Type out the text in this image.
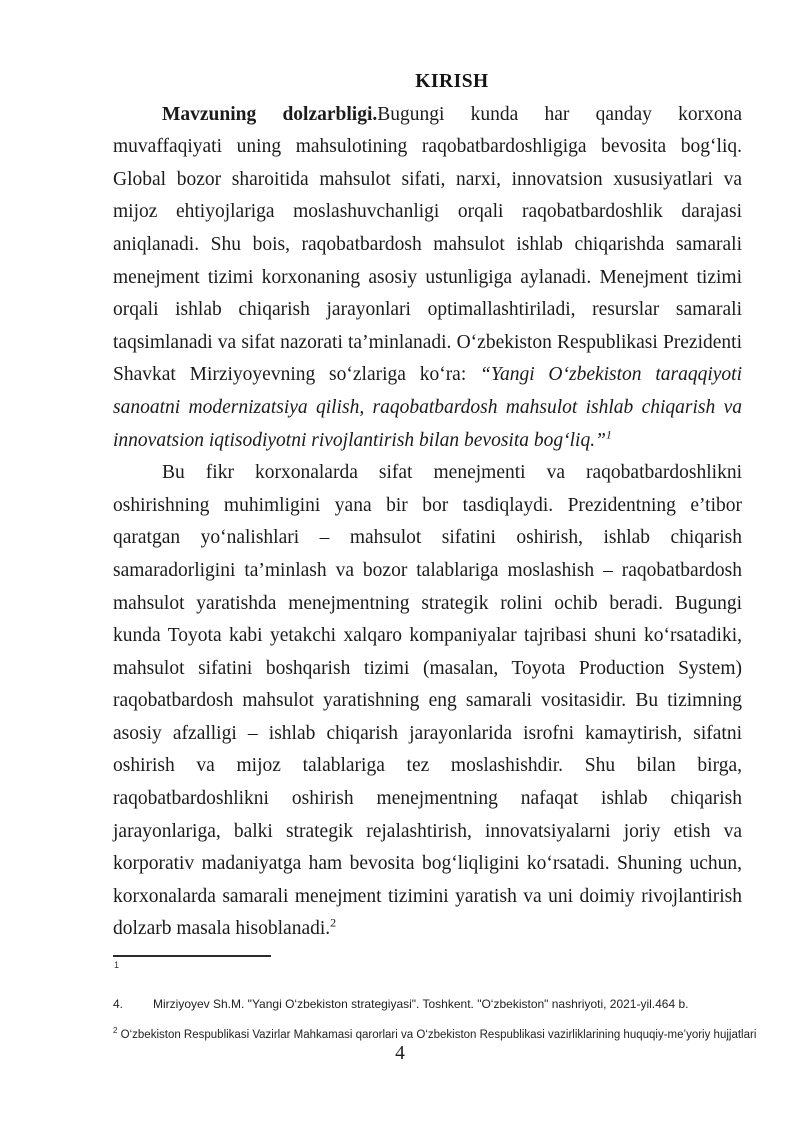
KIRISH

Mavzuning dolzarbligi.Bugungi kunda har qanday korxona muvaffaqiyati uning mahsulotining raqobatbardoshligiga bevosita bog‘liq. Global bozor sharoitida mahsulot sifati, narxi, innovatsion xususiyatlari va mijoz ehtiyojlariga moslashuvchanligi orqali raqobatbardoshlik darajasi aniqlanadi. Shu bois, raqobatbardosh mahsulot ishlab chiqarishda samarali menejment tizimi korxonaning asosiy ustunligiga aylanadi. Menejment tizimi orqali ishlab chiqarish jarayonlari optimallashtiriladi, resurslar samarali taqsimlanadi va sifat nazorati ta’minlanadi. O‘zbekiston Respublikasi Prezidenti Shavkat Mirziyoyevning so‘zlariga ko‘ra: “Yangi O‘zbekiston taraqqiyoti sanoatni modernizatsiya qilish, raqobatbardosh mahsulot ishlab chiqarish va innovatsion iqtisodiyotni rivojlantirish bilan bevosita bog‘liq.”$^1$

Bu fikr korxonalarda sifat menejmenti va raqobatbardoshlikni oshirishning muhimligini yana bir bor tasdiqlaydi. Prezidentning e’tibor qaratgan yo‘nalishlari – mahsulot sifatini oshirish, ishlab chiqarish samaradorligini ta’minlash va bozor talablariga moslashish – raqobatbardosh mahsulot yaratishda menejmentning strategik rolini ochib beradi. Bugungi kunda Toyota kabi yetakchi xalqaro kompaniyalar tajribasi shuni ko‘rsatadiki, mahsulot sifatini boshqarish tizimi (masalan, Toyota Production System) raqobatbardosh mahsulot yaratishning eng samarali vositasidir. Bu tizimning asosiy afzalligi – ishlab chiqarish jarayonlarida isrofni kamaytirish, sifatni oshirish va mijoz talablariga tez moslashishdir. Shu bilan birga, raqobatbardoshlikni oshirish menejmentning nafaqat ishlab chiqarish jarayonlariga, balki strategik rejalashtirish, innovatsiyalarni joriy etish va korporativ madaniyatga ham bevosita bog‘liqligini ko‘rsatadi. Shuning uchun, korxonalarda samarali menejment tizimini yaratish va uni doimiy rivojlantirish dolzarb masala hisoblanadi.$^2$

1
4. Mirziyoyev Sh.M. "Yangi O‘zbekiston strategiyasi". Toshkent. "O‘zbekiston" nashriyoti, 2021-yil.464 b.
$^2$ O‘zbekiston Respublikasi Vazirlar Mahkamasi qarorlari va O‘zbekiston Respublikasi vazirliklarining huquqiy-me’yoriy hujjatlari
4
